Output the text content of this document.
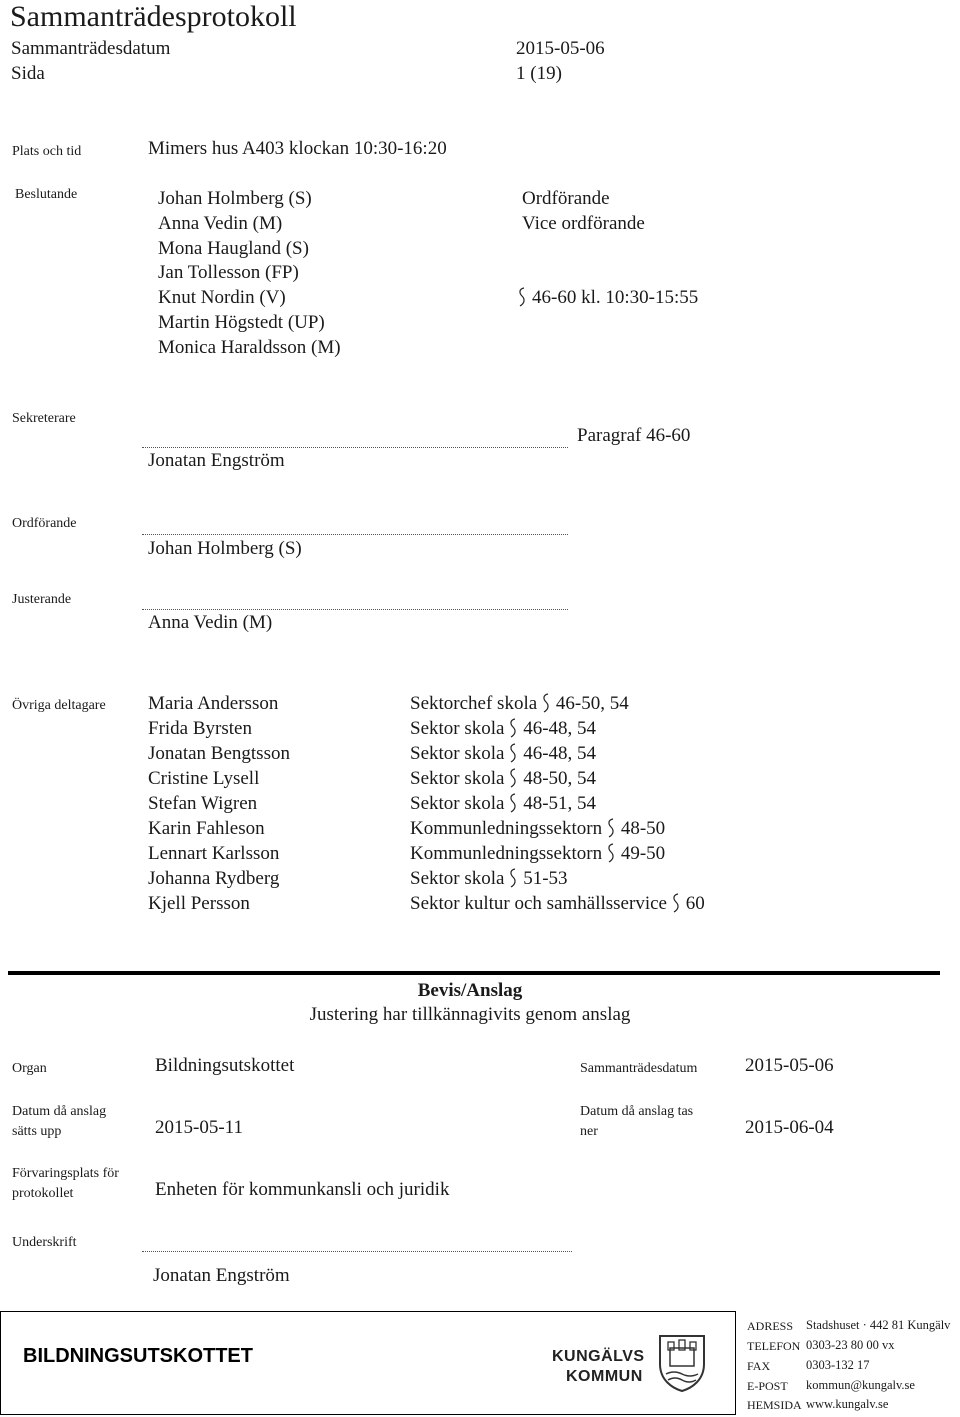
Sammanträdesprotokoll
Sammanträdesdatum	2015-05-06
Sida	1 (19)
Plats och tid	Mimers hus A403 klockan 10:30-16:20
Beslutande	Johan Holmberg (S)	Ordförande
Anna Vedin (M)	Vice ordförande
Mona Haugland (S)
Jan Tollesson (FP)
Knut Nordin (V)	46-60 kl. 10:30-15:55
Martin Högstedt (UP)
Monica Haraldsson (M)
Sekreterare
Paragraf 46-60
Jonatan Engström
Ordförande
Johan Holmberg (S)
Justerande
Anna Vedin (M)
Övriga deltagare Maria Andersson	Sektorchef skola 46-50, 54
Frida Byrsten	Sektor skola 46-48, 54
Jonatan Bengtsson	Sektor skola 46-48, 54
Cristine Lysell	Sektor skola 48-50, 54
Stefan Wigren	Sektor skola 48-51, 54
Karin Fahleson	Kommunledningssektorn 48-50
Lennart Karlsson	Kommunledningssektorn 49-50
Johanna Rydberg	Sektor skola 51-53
Kjell Persson	Sektor kultur och samhällsservice 60
Bevis/Anslag
Justering har tillkännagivits genom anslag
Organ	Bildningsutskottet	Sammanträdesdatum	2015-05-06
Datum då anslag
sätts upp	2015-05-11
Datum då anslag tas
ner	2015-06-04
Förvaringsplats för
protokollet	Enheten för kommunkansli och juridik
Underskrift
Jonatan Engström
BILDNINGSUTSKOTTET	KUNGÄLVS
KOMMUN
ADRESS Stadshuset · 442 81 Kungälv
TELEFON 0303-23 80 00 vx
FAX	0303-132 17
E-POST kommun@kungalv.se
HEMSIDA www.kungalv.se
